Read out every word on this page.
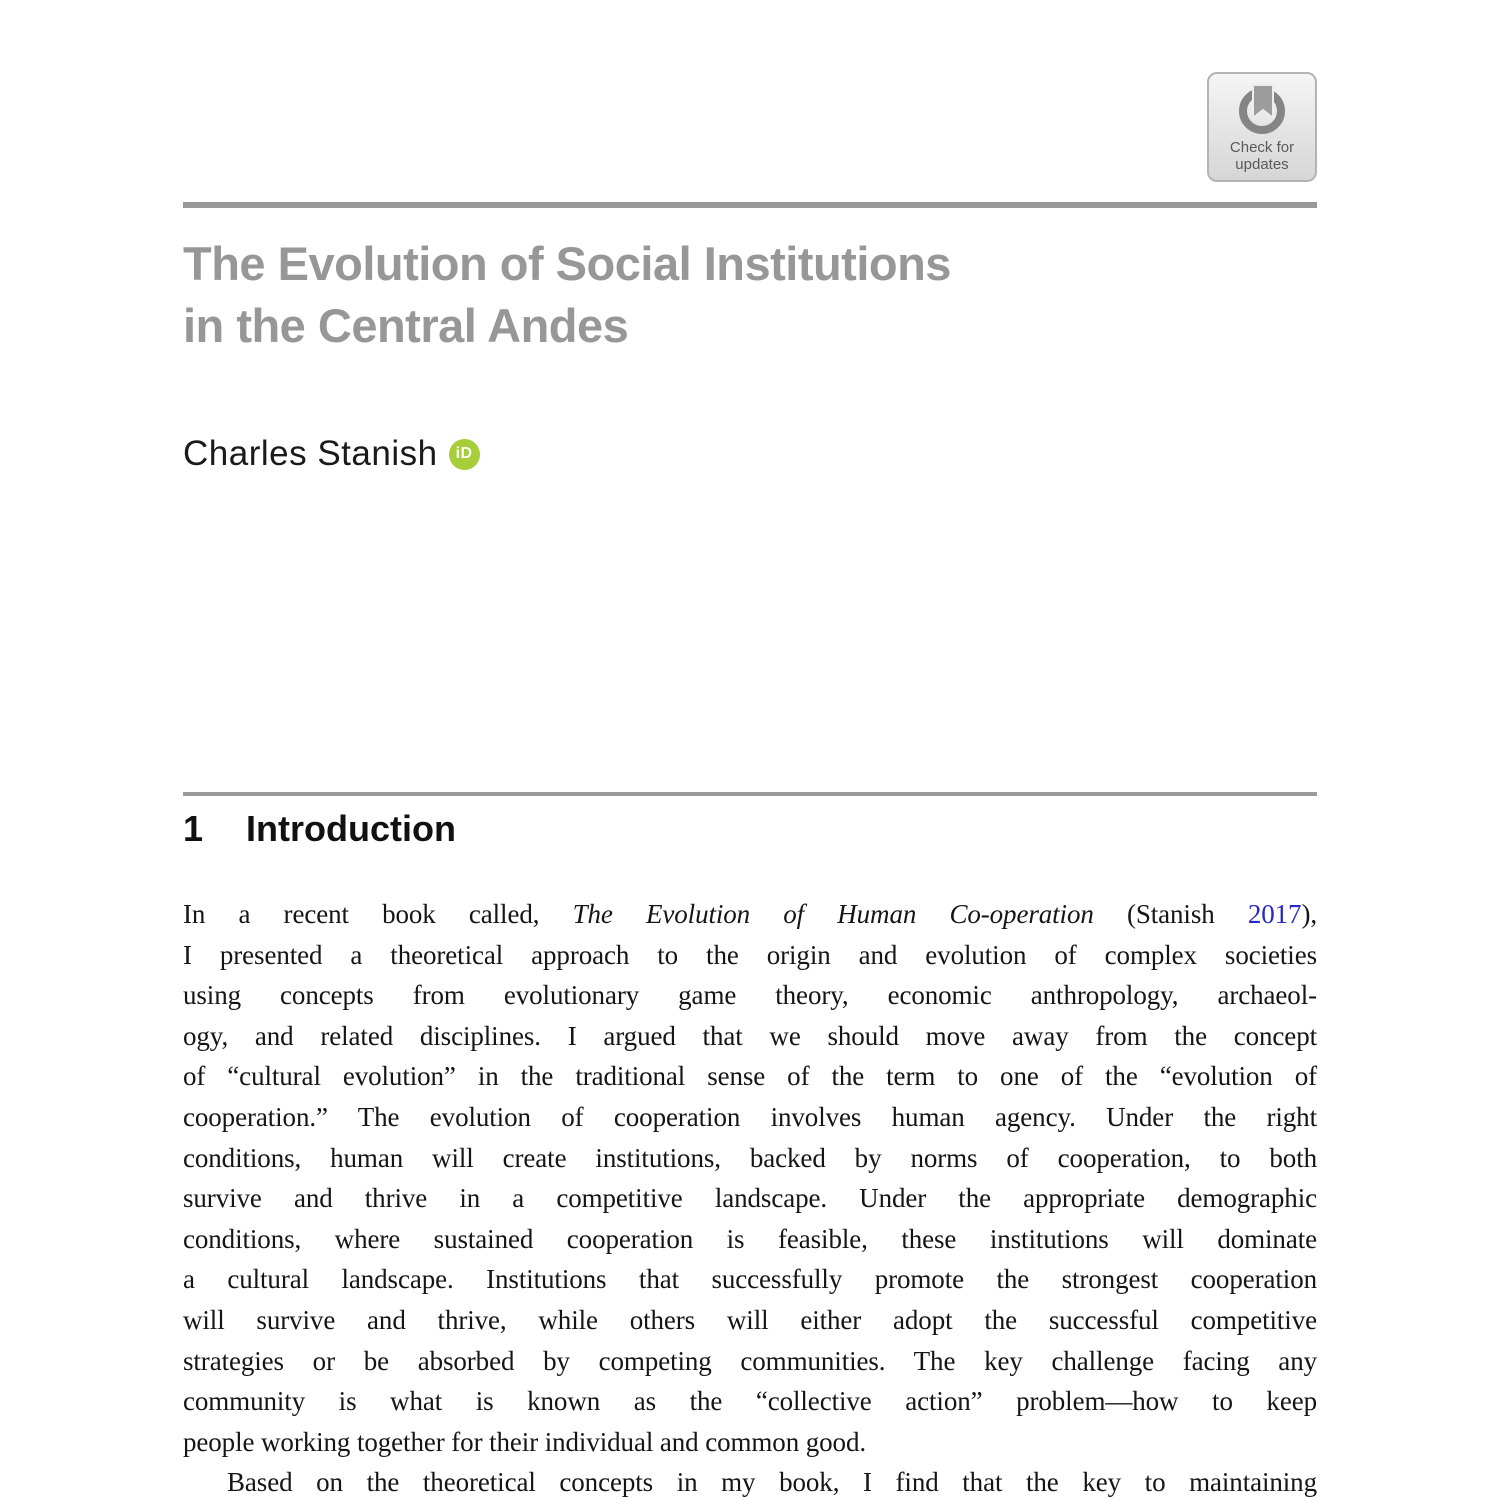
Check for
updates
The Evolution of Social Institutions
in the Central Andes
Charles Stanish	iD
1 Introduction
In a recent book called, The Evolution of Human Co-operation (Stanish 2017),
I presented a theoretical approach to the origin and evolution of complex societies
using concepts from evolutionary game theory, economic anthropology, archaeol-
ogy, and related disciplines. I argued that we should move away from the concept
of “cultural evolution” in the traditional sense of the term to one of the “evolution of
cooperation.” The evolution of cooperation involves human agency. Under the right
conditions, human will create institutions, backed by norms of cooperation, to both
survive and thrive in a competitive landscape. Under the appropriate demographic
conditions, where sustained cooperation is feasible, these institutions will dominate
a cultural landscape. Institutions that successfully promote the strongest cooperation
will survive and thrive, while others will either adopt the successful competitive
strategies or be absorbed by competing communities. The key challenge facing any
community is what is known as the “collective action” problem—how to keep
people working together for their individual and common good.
Based on the theoretical concepts in my book, I find that the key to maintaining
